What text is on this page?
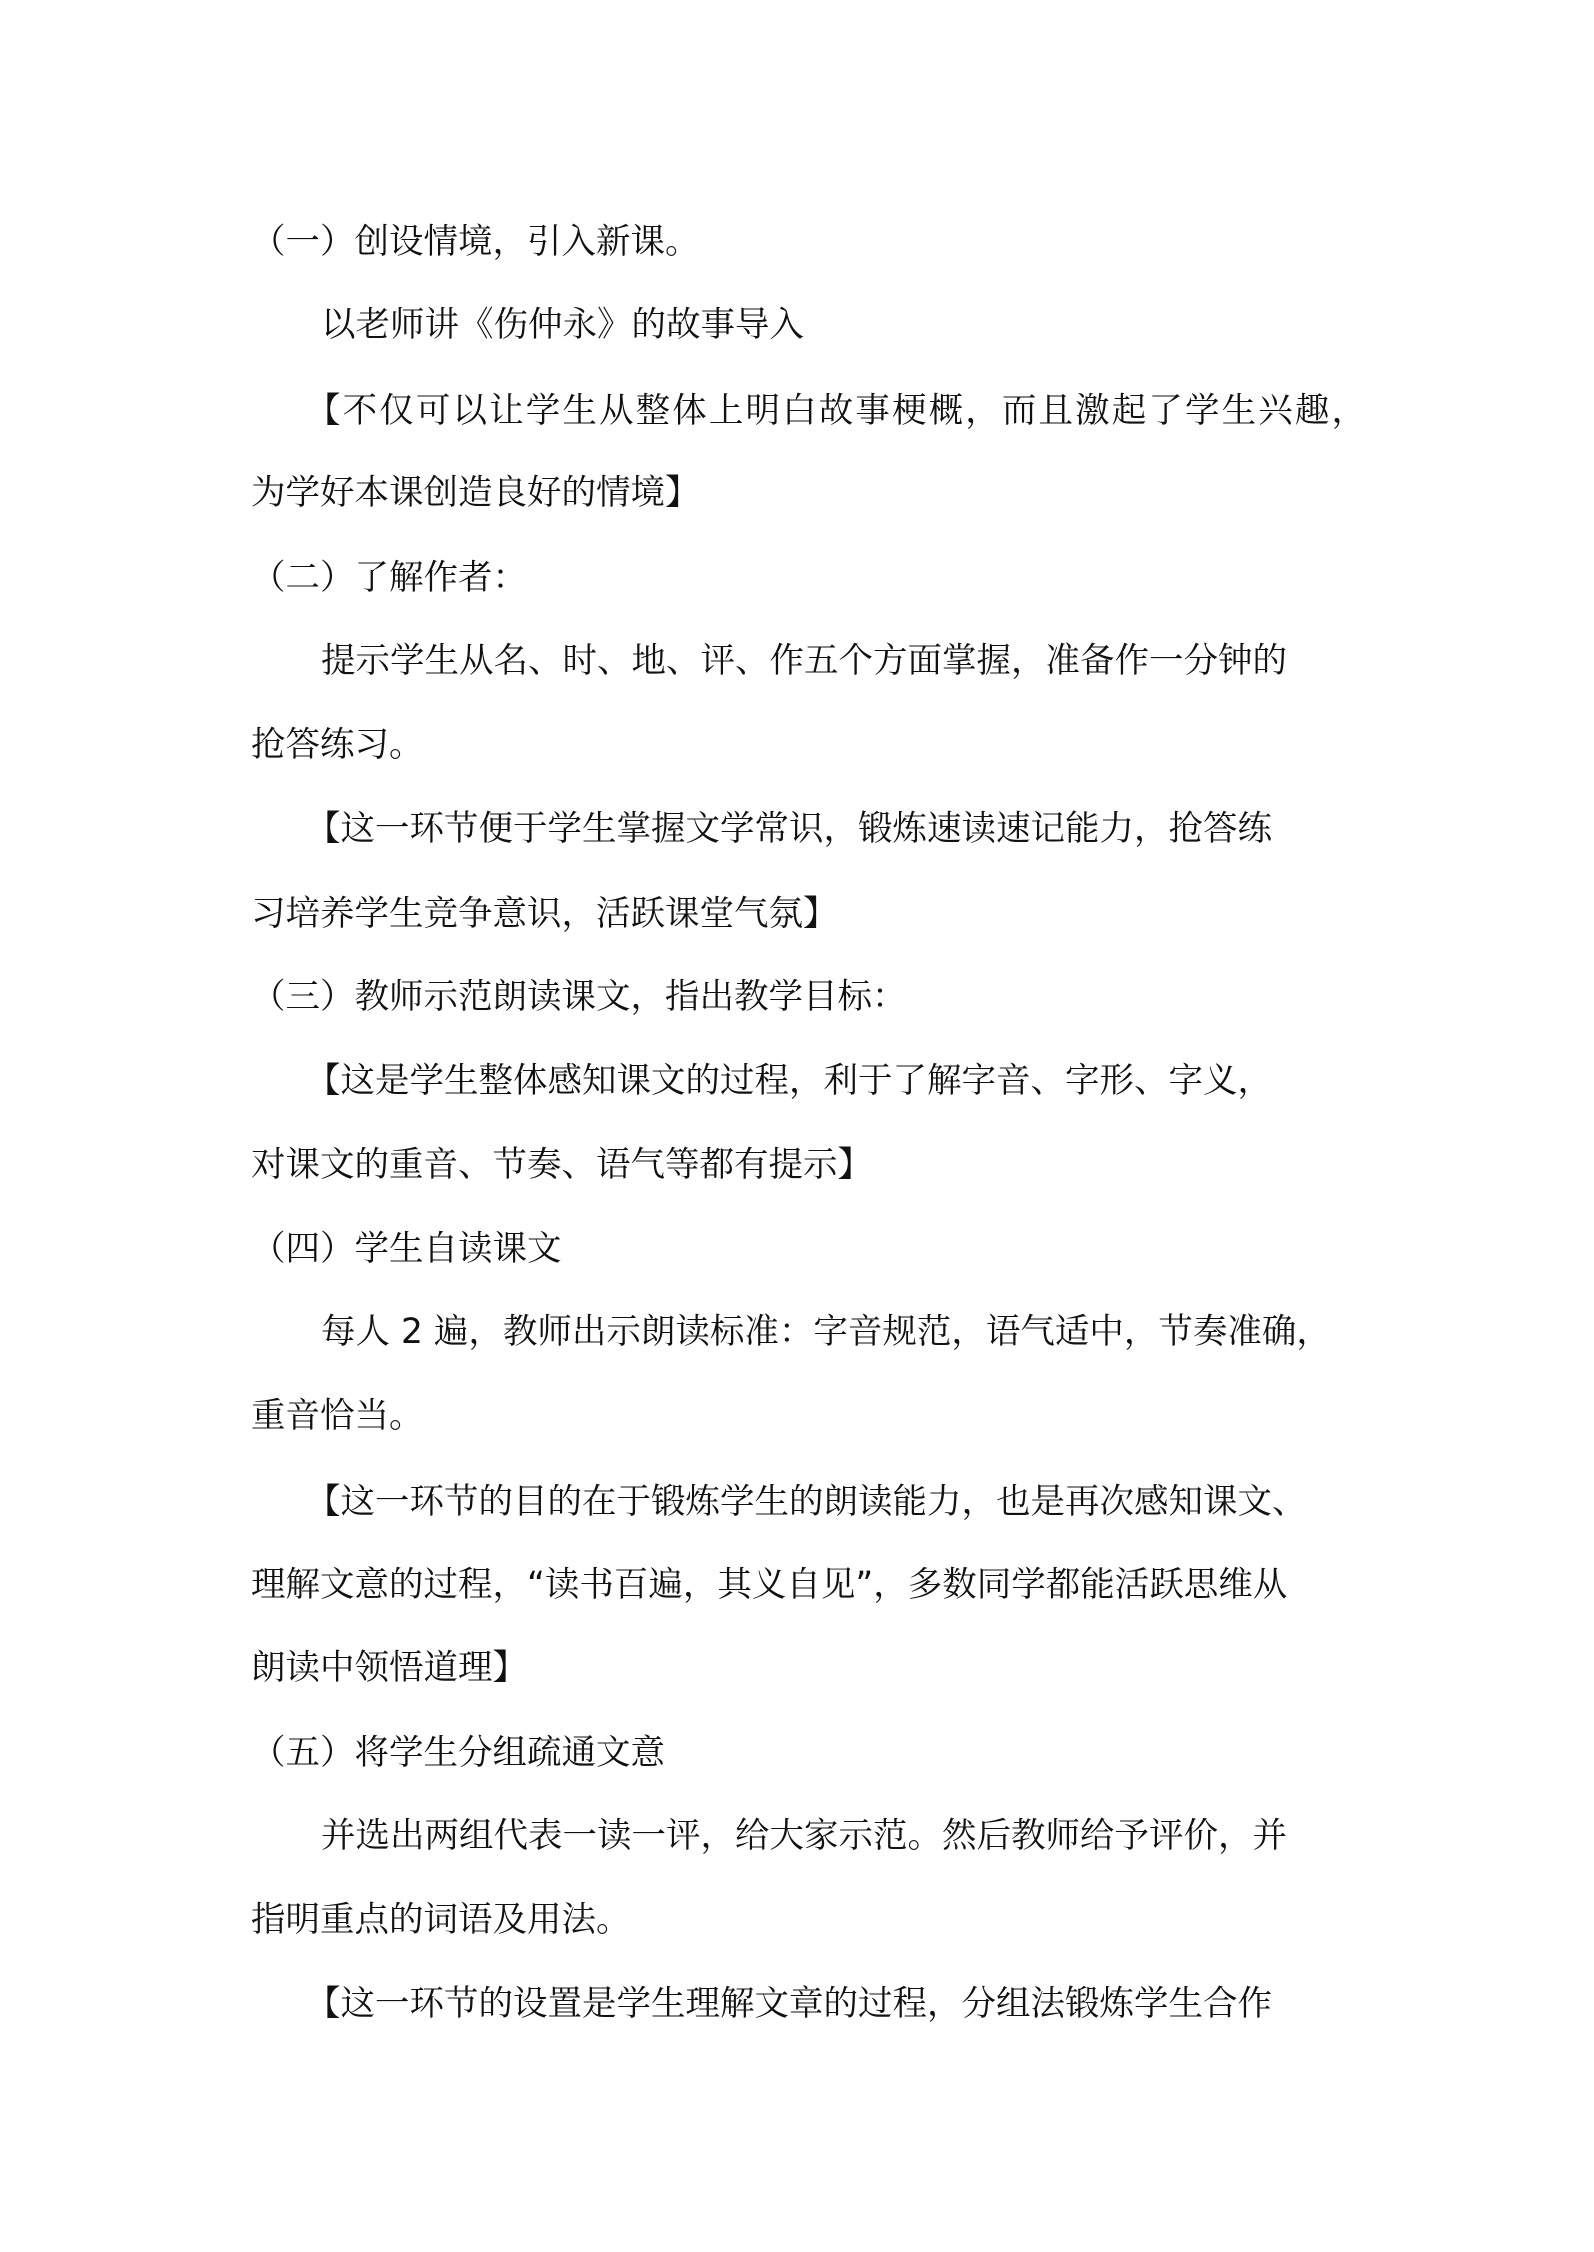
（一）创设情境，引入新课。
以老师讲《伤仲永》的故事导入
【不仅可以让学生从整体上明白故事梗概，而且激起了学生兴趣，
为学好本课创造良好的情境】
（二）了解作者：
提示学生从名、时、地、评、作五个方面掌握，准备作一分钟的
抢答练习。
【这一环节便于学生掌握文学常识，锻炼速读速记能力，抢答练
习培养学生竞争意识，活跃课堂气氛】
（三）教师示范朗读课文，指出教学目标：
【这是学生整体感知课文的过程，利于了解字音、字形、字义，
对课文的重音、节奏、语气等都有提示】
（四）学生自读课文
每人 2 遍，教师出示朗读标准：字音规范，语气适中，节奏准确，
重音恰当。
【这一环节的目的在于锻炼学生的朗读能力，也是再次感知课文、
理解文意的过程，“读书百遍，其义自见”，多数同学都能活跃思维从
朗读中领悟道理】
（五）将学生分组疏通文意
并选出两组代表一读一评，给大家示范。然后教师给予评价，并
指明重点的词语及用法。
【这一环节的设置是学生理解文章的过程，分组法锻炼学生合作
